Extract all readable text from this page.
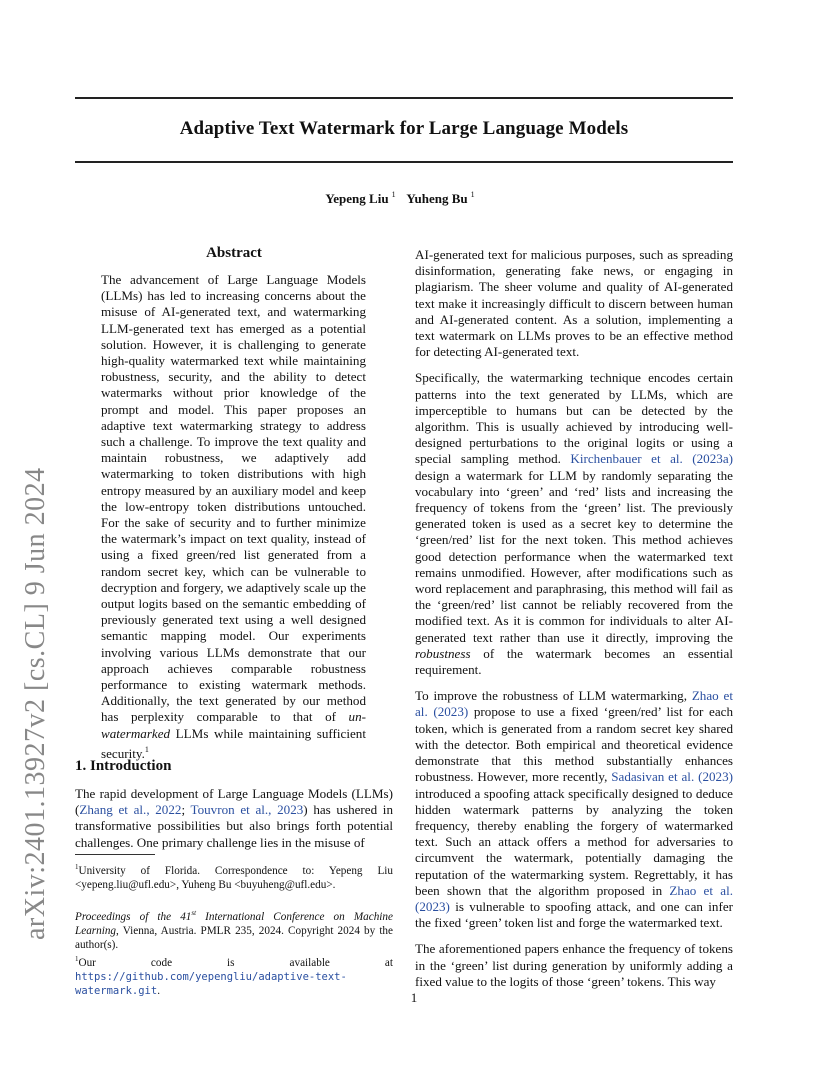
arXiv:2401.13927v2 [cs.CL] 9 Jun 2024
Adaptive Text Watermark for Large Language Models
Yepeng Liu $^1$ Yuheng Bu $^1$
Abstract
The advancement of Large Language Models (LLMs) has led to increasing concerns about the misuse of AI-generated text, and watermarking LLM-generated text has emerged as a potential solution. However, it is challenging to generate high-quality watermarked text while maintaining robustness, security, and the ability to detect watermarks without prior knowledge of the prompt and model. This paper proposes an adaptive text watermarking strategy to address such a challenge. To improve the text quality and maintain robustness, we adaptively add watermarking to token distributions with high entropy measured by an auxiliary model and keep the low-entropy token distributions untouched. For the sake of security and to further minimize the watermark’s impact on text quality, instead of using a fixed green/red list generated from a random secret key, which can be vulnerable to decryption and forgery, we adaptively scale up the output logits based on the semantic embedding of previously generated text using a well designed semantic mapping model. Our experiments involving various LLMs demonstrate that our approach achieves comparable robustness performance to existing watermark methods. Additionally, the text generated by our method has perplexity comparable to that of un-watermarked LLMs while maintaining sufficient security.$^1$
1. Introduction
The rapid development of Large Language Models (LLMs) (Zhang et al., 2022; Touvron et al., 2023) has ushered in transformative possibilities but also brings forth potential challenges. One primary challenge lies in the misuse of

$^1$University of Florida. Correspondence to: Yepeng Liu <yepeng.liu@ufl.edu>, Yuheng Bu <buyuheng@ufl.edu>.

Proceedings of the 41st International Conference on Machine Learning, Vienna, Austria. PMLR 235, 2024. Copyright 2024 by the author(s).

$^1$Our code is available at https://github.com/yepengliu/adaptive-text-watermark.git.

AI-generated text for malicious purposes, such as spreading disinformation, generating fake news, or engaging in plagiarism. The sheer volume and quality of AI-generated text make it increasingly difficult to discern between human and AI-generated content. As a solution, implementing a text watermark on LLMs proves to be an effective method for detecting AI-generated text.

Specifically, the watermarking technique encodes certain patterns into the text generated by LLMs, which are imperceptible to humans but can be detected by the algorithm. This is usually achieved by introducing well-designed perturbations to the original logits or using a special sampling method. Kirchenbauer et al. (2023a) design a watermark for LLM by randomly separating the vocabulary into ‘green’ and ‘red’ lists and increasing the frequency of tokens from the ‘green’ list. The previously generated token is used as a secret key to determine the ‘green/red’ list for the next token. This method achieves good detection performance when the watermarked text remains unmodified. However, after modifications such as word replacement and paraphrasing, this method will fail as the ‘green/red’ list cannot be reliably recovered from the modified text. As it is common for individuals to alter AI-generated text rather than use it directly, improving the robustness of the watermark becomes an essential requirement.

To improve the robustness of LLM watermarking, Zhao et al. (2023) propose to use a fixed ‘green/red’ list for each token, which is generated from a random secret key shared with the detector. Both empirical and theoretical evidence demonstrate that this method substantially enhances robustness. However, more recently, Sadasivan et al. (2023) introduced a spoofing attack specifically designed to deduce hidden watermark patterns by analyzing the token frequency, thereby enabling the forgery of watermarked text. Such an attack offers a method for adversaries to circumvent the watermark, potentially damaging the reputation of the watermarking system. Regrettably, it has been shown that the algorithm proposed in Zhao et al. (2023) is vulnerable to spoofing attack, and one can infer the fixed ‘green’ token list and forge the watermarked text.

The aforementioned papers enhance the frequency of tokens in the ‘green’ list during generation by uniformly adding a fixed value to the logits of those ‘green’ tokens. This way

1
